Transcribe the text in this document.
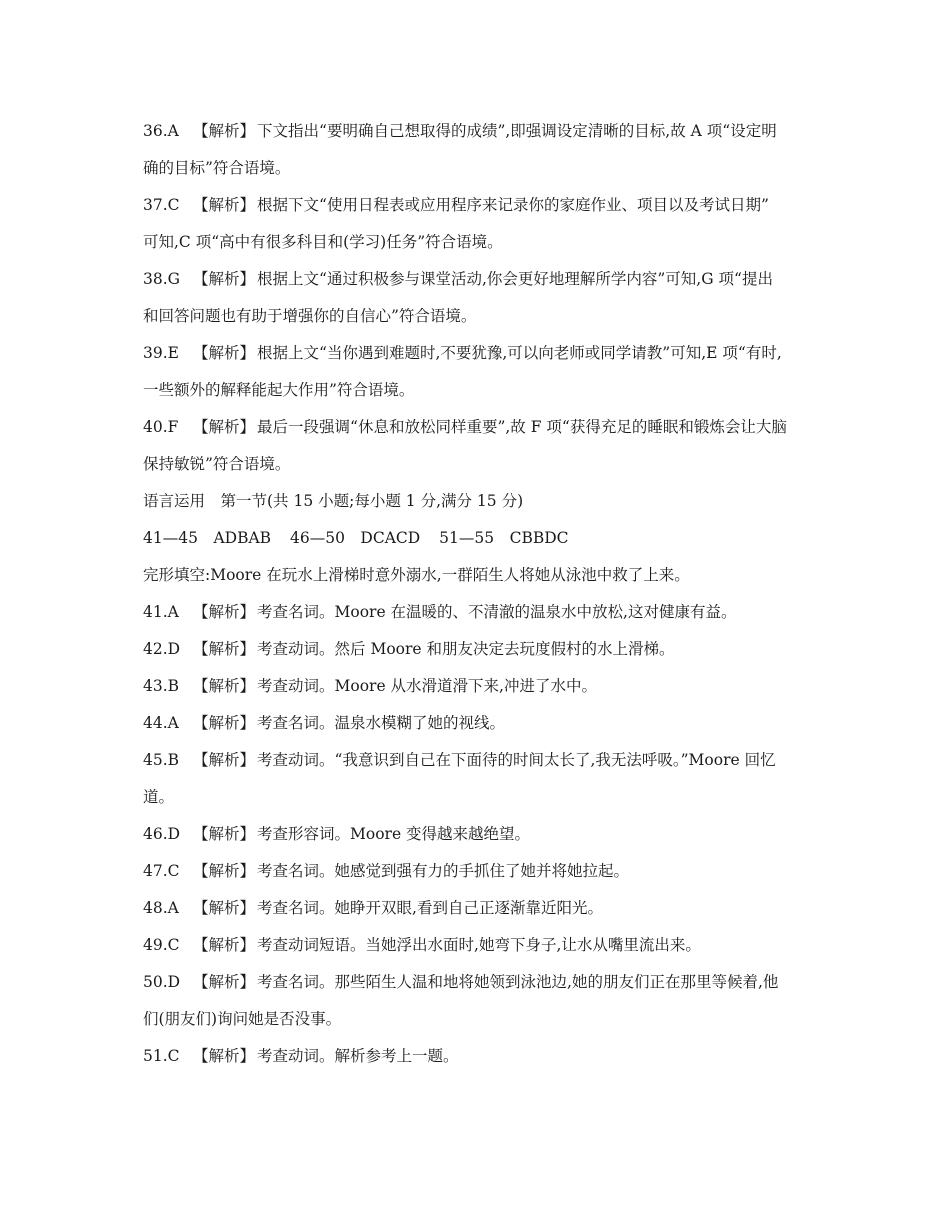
36.A 【解析】 下文指出“要明确自己想取得的成绩”,即强调设定清晰的目标,故 A 项“设定明
确的目标”符合语境。
37.C 【解析】 根据下文“使用日程表或应用程序来记录你的家庭作业、项目以及考试日期”
可知,C 项“高中有很多科目和(学习)任务”符合语境。
38.G 【解析】 根据上文“通过积极参与课堂活动,你会更好地理解所学内容”可知,G 项“提出
和回答问题也有助于增强你的自信心”符合语境。
39.E 【解析】 根据上文“当你遇到难题时,不要犹豫,可以向老师或同学请教”可知,E 项“有时,
一些额外的解释能起大作用”符合语境。
40.F 【解析】 最后一段强调“休息和放松同样重要”,故 F 项“获得充足的睡眠和锻炼会让大脑
保持敏锐”符合语境。
语言运用　第一节(共 15 小题;每小题 1 分,满分 15 分)
41—45　ADBAB 46—50　DCACD 51—55　CBBDC
完形填空:Moore 在玩水上滑梯时意外溺水,一群陌生人将她从泳池中救了上来。
41.A 【解析】 考查名词。Moore 在温暖的、不清澈的温泉水中放松,这对健康有益。
42.D 【解析】 考查动词。然后 Moore 和朋友决定去玩度假村的水上滑梯。
43.B 【解析】 考查动词。Moore 从水滑道滑下来,冲进了水中。
44.A 【解析】 考查名词。温泉水模糊了她的视线。
45.B 【解析】 考查动词。“我意识到自己在下面待的时间太长了,我无法呼吸。”Moore 回忆
道。
46.D 【解析】 考查形容词。Moore 变得越来越绝望。
47.C 【解析】 考查名词。她感觉到强有力的手抓住了她并将她拉起。
48.A 【解析】 考查名词。她睁开双眼,看到自己正逐渐靠近阳光。
49.C 【解析】 考查动词短语。当她浮出水面时,她弯下身子,让水从嘴里流出来。
50.D 【解析】 考查名词。那些陌生人温和地将她领到泳池边,她的朋友们正在那里等候着,他
们(朋友们)询问她是否没事。
51.C 【解析】 考查动词。解析参考上一题。
